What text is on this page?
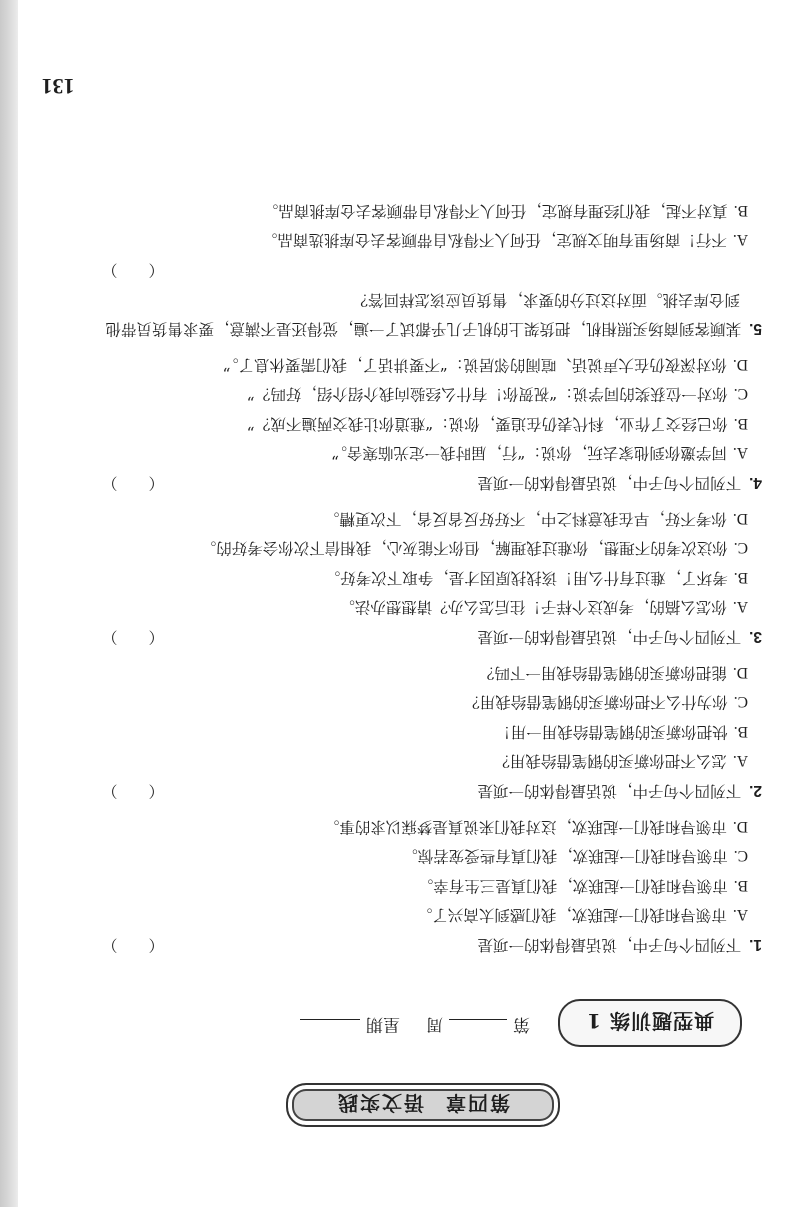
131
第四章
语文实践
典型题训练 1
第周星期
1.下列四个句子中，说话最得体的一项是
（　　）
A.市领导和我们一起联欢，我们感到太高兴了。
B.市领导和我们一起联欢，我们真是三生有幸。
C.市领导和我们一起联欢，我们真有些受宠若惊。
D.市领导和我们一起联欢，这对我们来说真是梦寐以求的事。
2.下列四个句子中，说话最得体的一项是
（　　）
A.怎么不把你新买的钢笔借给我用？
B.快把你新买的钢笔借给我用一用！
C.你为什么不把你新买的钢笔借给我用？
D.能把你新买的钢笔借给我用一下吗？
3.下列四个句子中，说话最得体的一项是
（　　）
A.你怎么搞的，考成这个样子！往后怎么办？请想想办法。
B.考坏了，难过有什么用！该找找原因才是，争取下次考好。
C.你这次考的不理想，你难过我理解，但你不能灰心，我相信下次你会考好的。
D.你考不好，早在我意料之中，不好好反省反省，下次更糟。
4.下列四个句子中，说话最得体的一项是
（　　）
A.同学邀你到他家去玩，你说：“行，届时我一定光临寒舍。”
B.你已经交了作业，科代表仍在追要，你说：“难道你让我交两遍不成？”
C.你对一位获奖的同学说：“祝贺你！有什么经验向我介绍介绍，好吗？”
D.你对深夜仍在大声说话、喧闹的邻居说：“不要讲话了，我们需要休息了。”
5.某顾客到商场买照相机，把货架上的机子几乎都试了一遍，觉得还是不满意，要求售货员带他到仓库去挑。面对这过分的要求，售货员应该怎样回答？
（　　）
A.不行！商场里有明文规定，任何人不得私自带顾客去仓库挑选商品。
B.真对不起，我们经理有规定，任何人不得私自带顾客去仓库挑商品。
